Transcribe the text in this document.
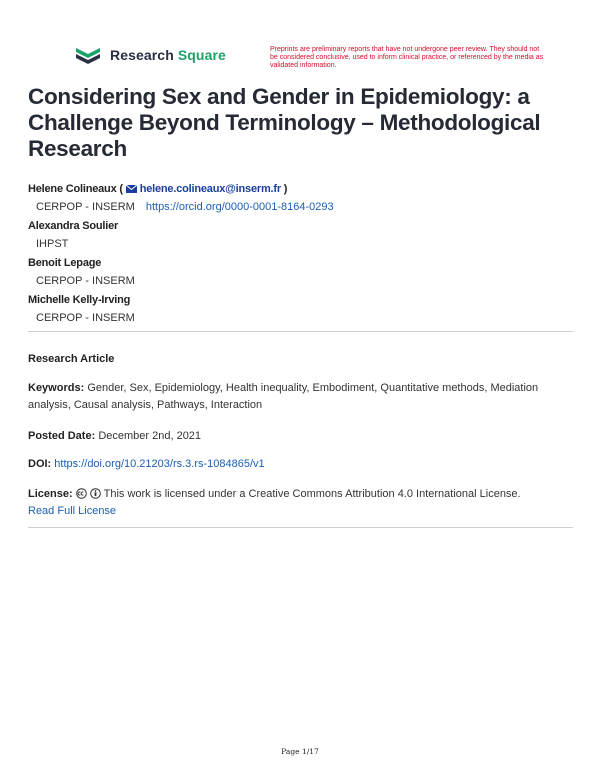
Research Square	Preprints are preliminary reports that have not undergone peer review. They should not be considered conclusive, used to inform clinical practice, or referenced by the media as validated information.
Considering Sex and Gender in Epidemiology: a Challenge Beyond Terminology – Methodological Research
Helene Colineaux ( helene.colineaux@inserm.fr )
CERPOP - INSERM https://orcid.org/0000-0001-8164-0293
Alexandra Soulier
IHPST
Benoit Lepage
CERPOP - INSERM
Michelle Kelly-Irving
CERPOP - INSERM
Research Article
Keywords: Gender, Sex, Epidemiology, Health inequality, Embodiment, Quantitative methods, Mediation analysis, Causal analysis, Pathways, Interaction
Posted Date: December 2nd, 2021
DOI: https://doi.org/10.21203/rs.3.rs-1084865/v1
License:	This work is licensed under a Creative Commons Attribution 4.0 International License.
Read Full License
Page 1/17
